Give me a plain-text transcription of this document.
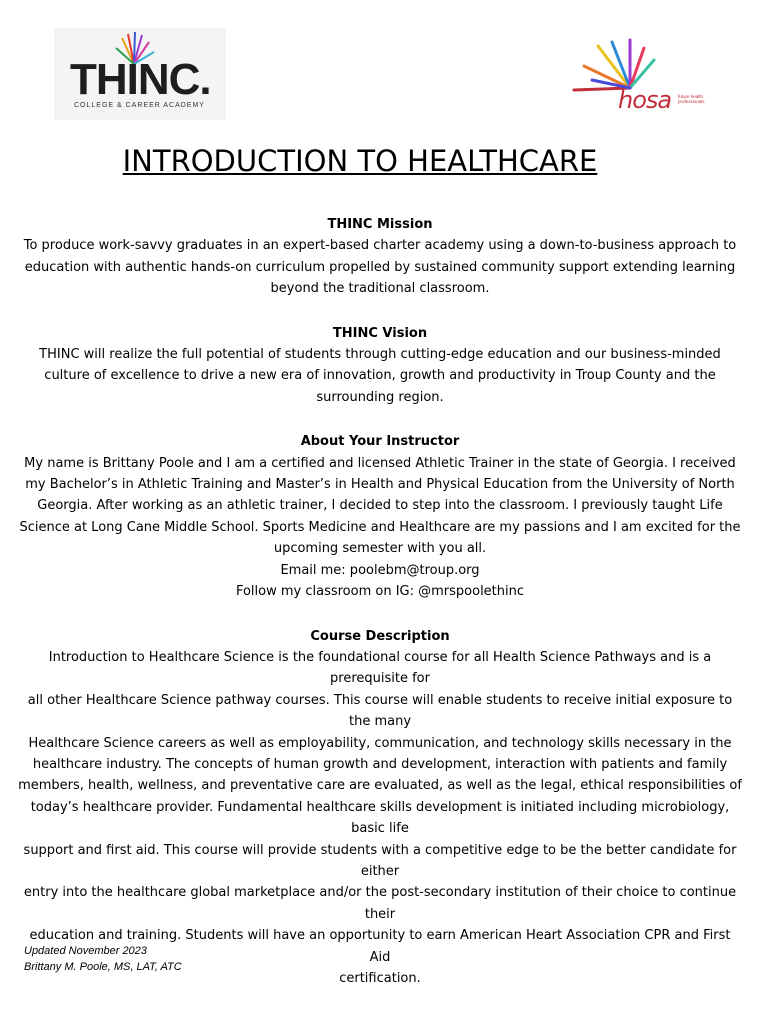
THINC.
COLLEGE & CAREER ACADEMY	hosa future health professionals
INTRODUCTION TO HEALTHCARE

THINC Mission

To produce work-savvy graduates in an expert-based charter academy using a down-to-business approach to

education with authentic hands-on curriculum propelled by sustained community support extending learning

beyond the traditional classroom.

THINC Vision

THINC will realize the full potential of students through cutting-edge education and our business-minded

culture of excellence to drive a new era of innovation, growth and productivity in Troup County and the

surrounding region.

About Your Instructor

My name is Brittany Poole and I am a certified and licensed Athletic Trainer in the state of Georgia. I received

my Bachelor’s in Athletic Training and Master’s in Health and Physical Education from the University of North

Georgia. After working as an athletic trainer, I decided to step into the classroom. I previously taught Life

Science at Long Cane Middle School. Sports Medicine and Healthcare are my passions and I am excited for the

upcoming semester with you all.

Email me: poolebm@troup.org

Follow my classroom on IG: @mrspoolethinc

Course Description

Introduction to Healthcare Science is the foundational course for all Health Science Pathways and is a prerequisite for

all other Healthcare Science pathway courses. This course will enable students to receive initial exposure to the many

Healthcare Science careers as well as employability, communication, and technology skills necessary in the

healthcare industry. The concepts of human growth and development, interaction with patients and family

members, health, wellness, and preventative care are evaluated, as well as the legal, ethical responsibilities of

today’s healthcare provider. Fundamental healthcare skills development is initiated including microbiology, basic life

support and first aid. This course will provide students with a competitive edge to be the better candidate for either

entry into the healthcare global marketplace and/or the post-secondary institution of their choice to continue their

education and training. Students will have an opportunity to earn American Heart Association CPR and First Aid

certification.

Updated November 2023
Brittany M. Poole, MS, LAT, ATC
